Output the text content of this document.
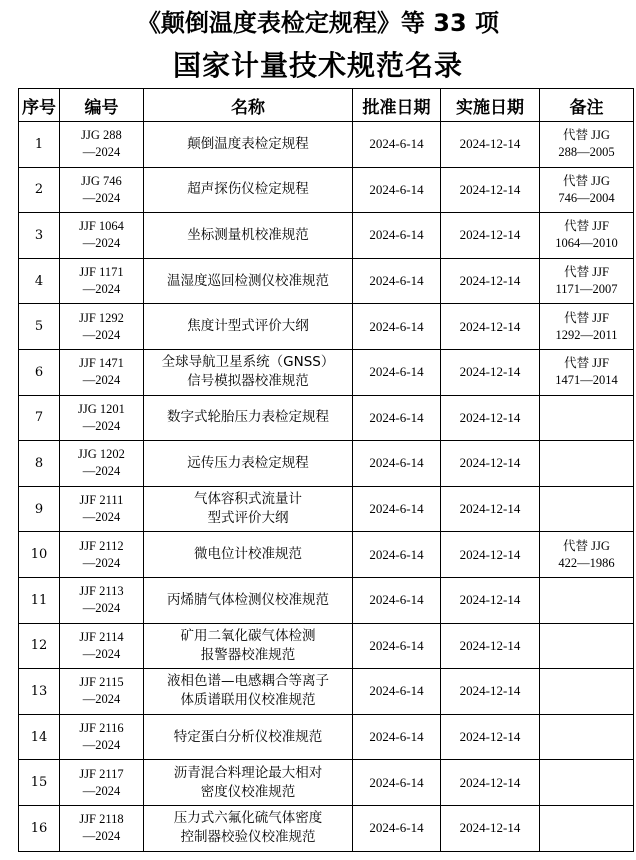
《颠倒温度表检定规程》等 33 项
国家计量技术规范名录
序号	编号	名称	批准日期	实施日期	备注
1	JJG 288
—2024	颠倒温度表检定规程	2024-6-14	2024-12-14	代替 JJG
288—2005

2	JJG 746
—2024	超声探伤仪检定规程	2024-6-14	2024-12-14	代替 JJG
746—2004

3	JJF 1064
—2024	坐标测量机校准规范	2024-6-14	2024-12-14	代替 JJF
1064—2010

4	JJF 1171
—2024	温湿度巡回检测仪校准规范	2024-6-14	2024-12-14	代替 JJF
1171—2007

5	JJF 1292
—2024	焦度计型式评价大纲	2024-6-14	2024-12-14	代替 JJF
1292—2011

6	JJF 1471
—2024	全球导航卫星系统（GNSS）
信号模拟器校准规范	2024-6-14	2024-12-14	代替 JJF
1471—2014

7	JJG 1201
—2024	数字式轮胎压力表检定规程	2024-6-14	2024-12-14	
8	JJG 1202
—2024	远传压力表检定规程	2024-6-14	2024-12-14	
9	JJF 2111
—2024	气体容积式流量计
型式评价大纲	2024-6-14	2024-12-14	
10	JJF 2112
—2024	微电位计校准规范	2024-6-14	2024-12-14	代替 JJG
422—1986

11	JJF 2113
—2024	丙烯腈气体检测仪校准规范	2024-6-14	2024-12-14	
12	JJF 2114
—2024	矿用二氧化碳气体检测
报警器校准规范	2024-6-14	2024-12-14	
13	JJF 2115
—2024	液相色谱—电感耦合等离子
体质谱联用仪校准规范	2024-6-14	2024-12-14	
14	JJF 2116
—2024	特定蛋白分析仪校准规范	2024-6-14	2024-12-14	
15	JJF 2117
—2024	沥青混合料理论最大相对
密度仪校准规范	2024-6-14	2024-12-14	
16	JJF 2118
—2024	压力式六氟化硫气体密度
控制器校验仪校准规范	2024-6-14	2024-12-14	
